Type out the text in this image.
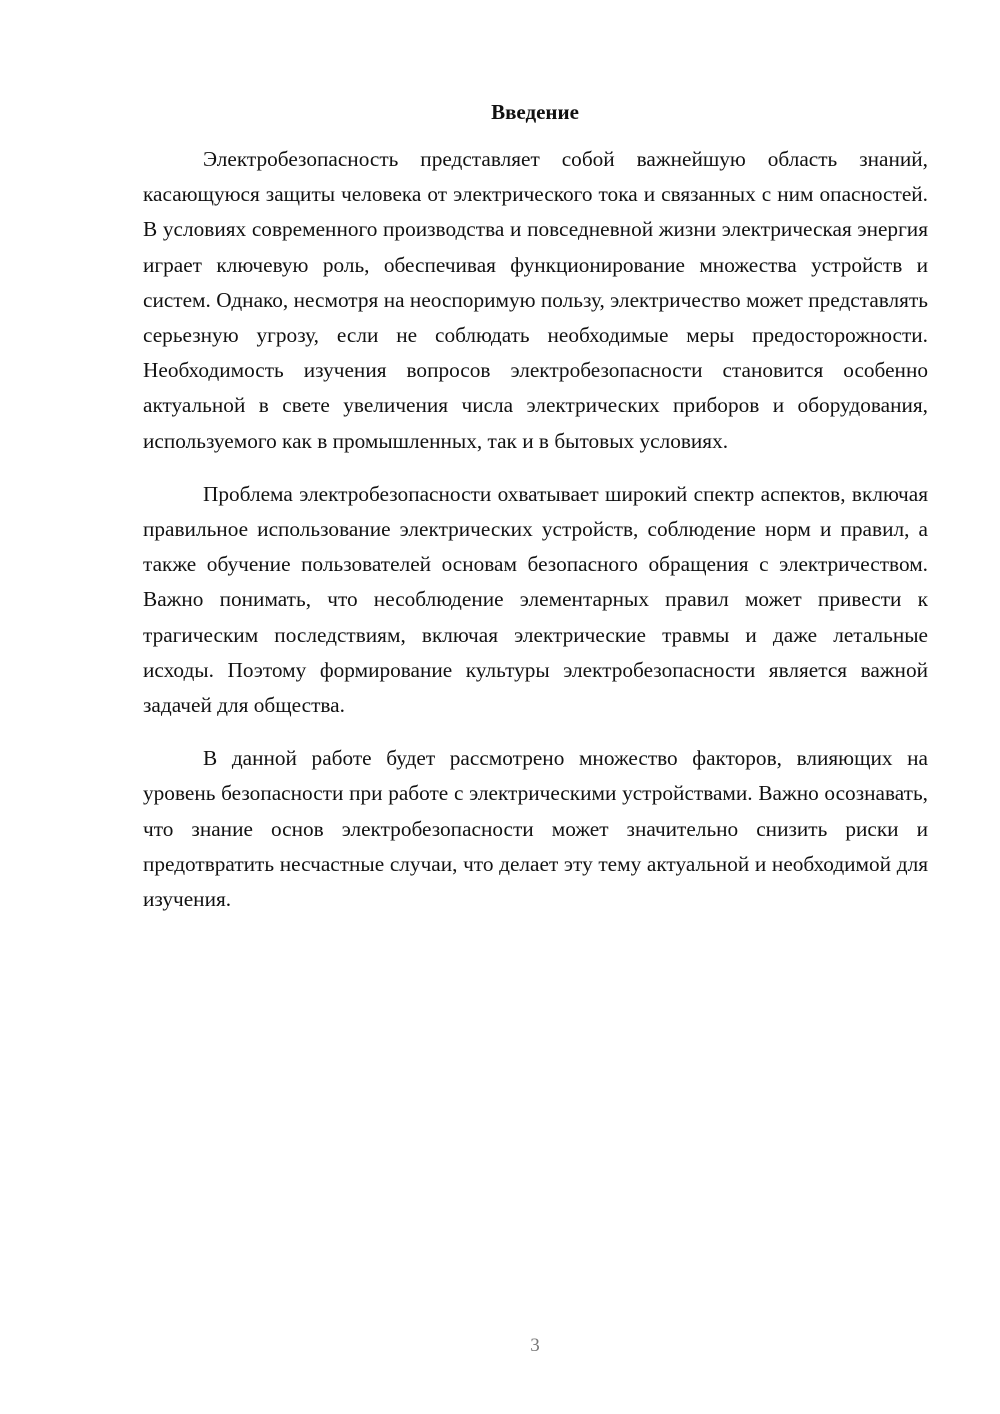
Введение

Электробезопасность представляет собой важнейшую область знаний, касающуюся защиты человека от электрического тока и связанных с ним опасностей. В условиях современного производства и повседневной жизни электрическая энергия играет ключевую роль, обеспечивая функционирование множества устройств и систем. Однако, несмотря на неоспоримую пользу, электричество может представлять серьезную угрозу, если не соблюдать необходимые меры предосторожности. Необходимость изучения вопросов электробезопасности становится особенно актуальной в свете увеличения числа электрических приборов и оборудования, используемого как в промышленных, так и в бытовых условиях.

Проблема электробезопасности охватывает широкий спектр аспектов, включая правильное использование электрических устройств, соблюдение норм и правил, а также обучение пользователей основам безопасного обращения с электричеством. Важно понимать, что несоблюдение элементарных правил может привести к трагическим последствиям, включая электрические травмы и даже летальные исходы. Поэтому формирование культуры электробезопасности является важной задачей для общества.

В данной работе будет рассмотрено множество факторов, влияющих на уровень безопасности при работе с электрическими устройствами. Важно осознавать, что знание основ электробезопасности может значительно снизить риски и предотвратить несчастные случаи, что делает эту тему актуальной и необходимой для изучения.

3
